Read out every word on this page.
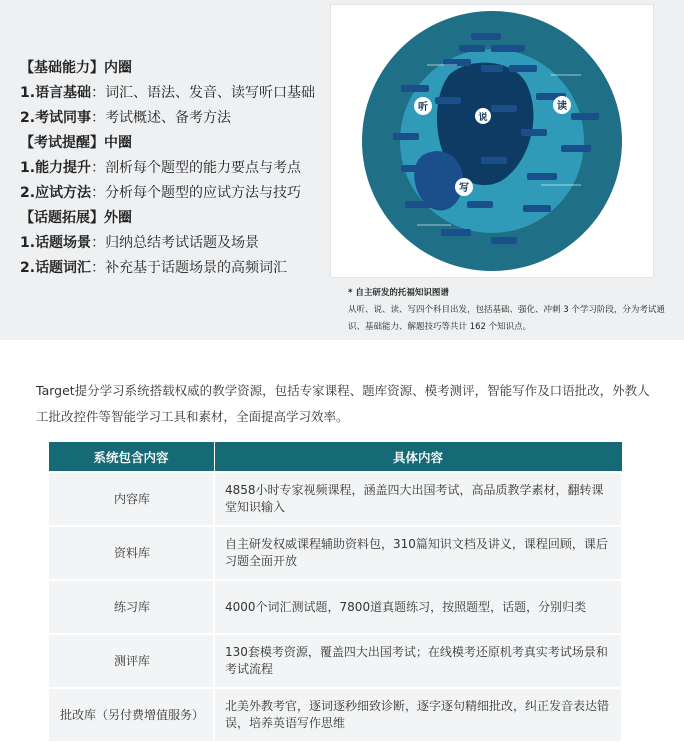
【基础能力】内圈
1.语言基础：词汇、语法、发音、读写听口基础
2.考试同事：考试概述、备考方法
【考试提醒】中圈
1.能力提升：剖析每个题型的能力要点与考点
2.应试方法：分析每个题型的应试方法与技巧
【话题拓展】外圈
1.话题场景：归纳总结考试话题及场景
2.话题词汇：补充基于话题场景的高频词汇
听	读
写
说
* 自主研发的托福知识图谱
从听、说、读、写四个科目出发，包括基础、强化、冲刺 3 个学习阶段，分为考试通识、基础能力、解题技巧等共计 162 个知识点。
Target提分学习系统搭载权威的教学资源，包括专家课程、题库资源、模考测评，智能写作及口语批改，外教人工批改控件等智能学习工具和素材，全面提高学习效率。
系统包含内容	具体内容
内容库	4858小时专家视频课程，涵盖四大出国考试，高品质教学素材，翻转课堂知识输入
资料库	自主研发权威课程辅助资料包，310篇知识文档及讲义，课程回顾，课后习题全面开放
练习库	4000个词汇测试题，7800道真题练习，按照题型，话题，分别归类
测评库	130套模考资源，覆盖四大出国考试；在线模考还原机考真实考试场景和考试流程
批改库（另付费增值服务）	北美外教考官，逐词逐秒细致诊断，逐字逐句精细批改，纠正发音表达错误，培养英语写作思维
